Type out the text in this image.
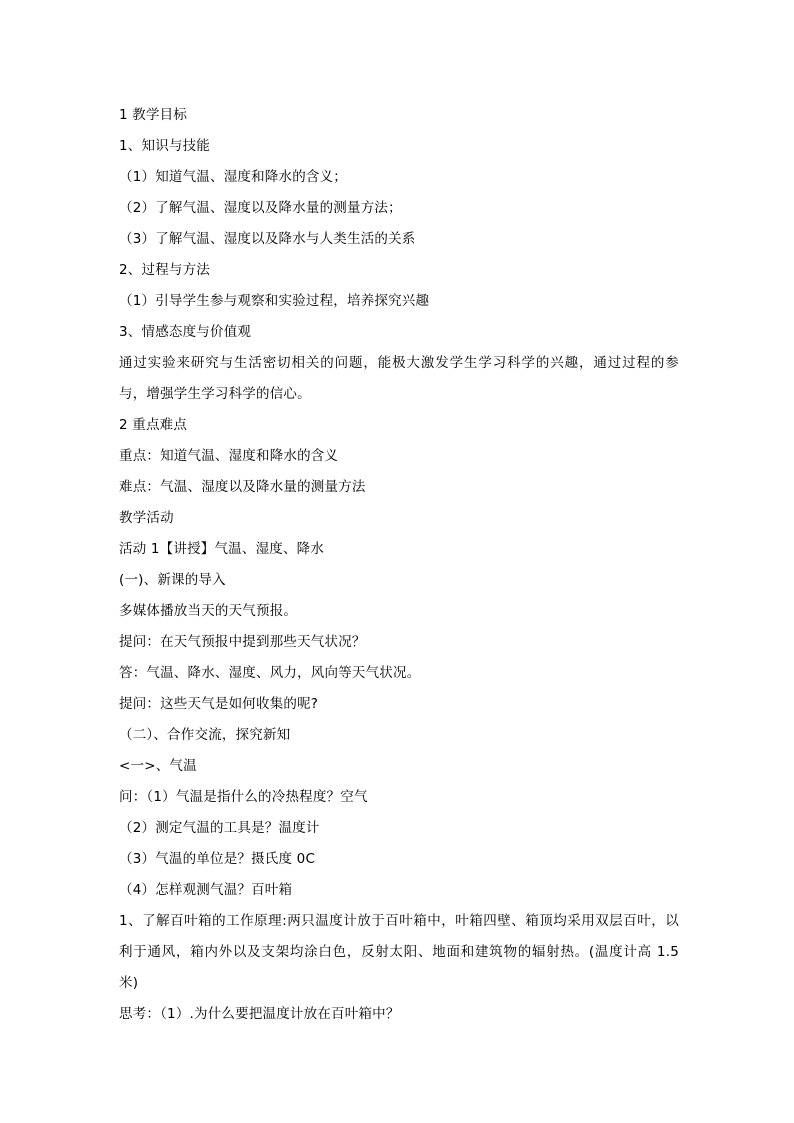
1 教学目标
1、知识与技能
（1）知道气温、湿度和降水的含义；
（2）了解气温、湿度以及降水量的测量方法；
（3）了解气温、湿度以及降水与人类生活的关系
2、过程与方法
（1）引导学生参与观察和实验过程，培养探究兴趣
3、情感态度与价值观
通过实验来研究与生活密切相关的问题，能极大激发学生学习科学的兴趣，通过过程的参与，增强学生学习科学的信心。
2 重点难点
重点：知道气温、湿度和降水的含义
难点：气温、湿度以及降水量的测量方法
教学活动
活动 1【讲授】气温、湿度、降水
(一)、新课的导入
多媒体播放当天的天气预报。
提问：在天气预报中提到那些天气状况？
答：气温、降水、湿度、风力，风向等天气状况。
提问：这些天气是如何收集的呢?
（二）、合作交流，探究新知
<一>、气温
问：（1）气温是指什么的冷热程度？空气
（2）测定气温的工具是？温度计
（3）气温的单位是？摄氏度 0C
（4）怎样观测气温？百叶箱
1、了解百叶箱的工作原理:两只温度计放于百叶箱中，叶箱四壁、箱顶均采用双层百叶，以利于通风，箱内外以及支架均涂白色，反射太阳、地面和建筑物的辐射热。(温度计高 1.5 米)
思考：（1）.为什么要把温度计放在百叶箱中？
